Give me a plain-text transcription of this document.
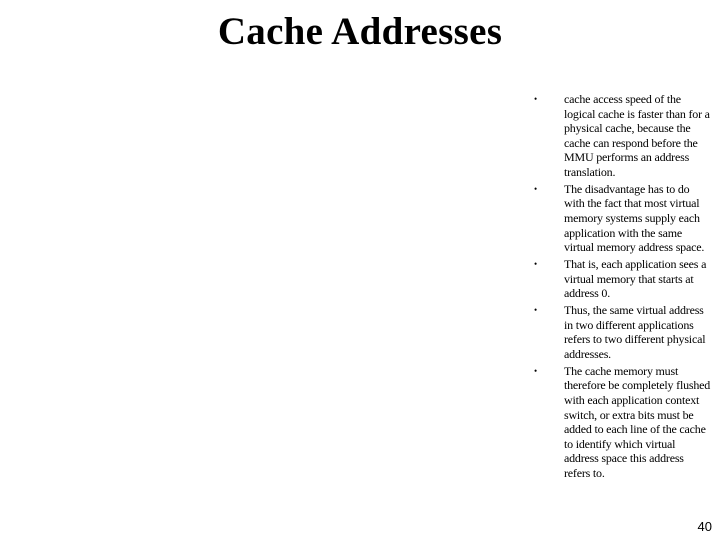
Cache Addresses
• cache access speed of the logical cache is faster than for a physical cache, because the cache can respond before the MMU performs an address translation.
• The disadvantage has to do with the fact that most virtual memory systems supply each application with the same virtual memory address space.
• That is, each application sees a virtual memory that starts at address 0.
• Thus, the same virtual address in two different applications refers to two different physical addresses.
• The cache memory must therefore be completely flushed with each application context switch, or extra bits must be added to each line of the cache to identify which virtual address space this address refers to.
40
